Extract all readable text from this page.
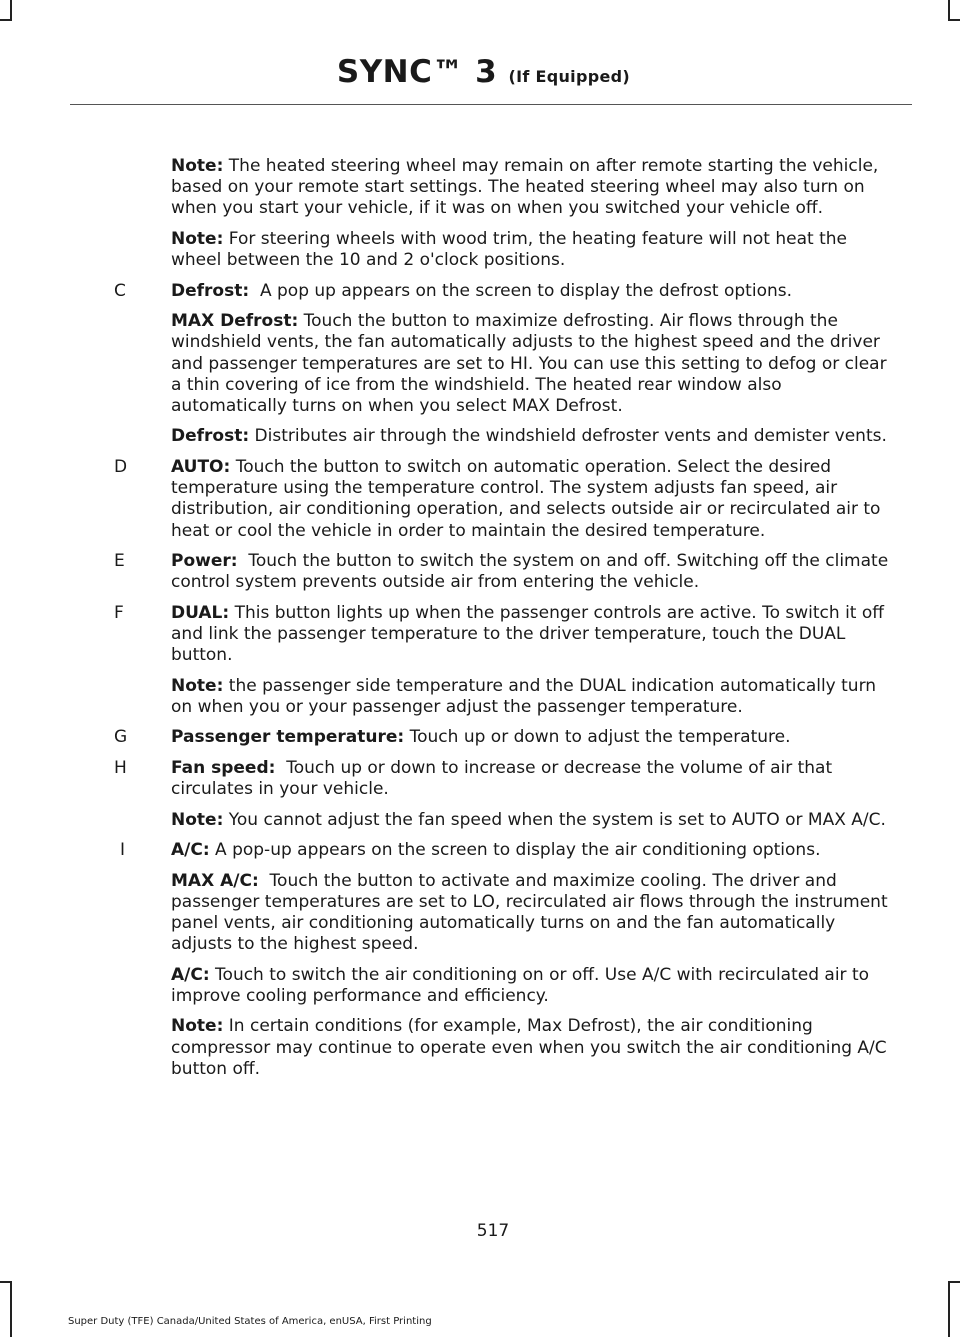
SYNC™ 3 (If Equipped)
Note: The heated steering wheel may remain on after remote starting the vehicle, based on your remote start settings. The heated steering wheel may also turn on when you start your vehicle, if it was on when you switched your vehicle off.
Note: For steering wheels with wood trim, the heating feature will not heat the wheel between the 10 and 2 o'clock positions.
C	Defrost:  A pop up appears on the screen to display the defrost options.
MAX Defrost: Touch the button to maximize defrosting. Air flows through the windshield vents, the fan automatically adjusts to the highest speed and the driver and passenger temperatures are set to HI. You can use this setting to defog or clear a thin covering of ice from the windshield. The heated rear window also automatically turns on when you select MAX Defrost.
Defrost: Distributes air through the windshield defroster vents and demister vents.
D	AUTO: Touch the button to switch on automatic operation. Select the desired temperature using the temperature control. The system adjusts fan speed, air distribution, air conditioning operation, and selects outside air or recirculated air to heat or cool the vehicle in order to maintain the desired temperature.
E	Power:  Touch the button to switch the system on and off. Switching off the climate control system prevents outside air from entering the vehicle.
F	DUAL: This button lights up when the passenger controls are active. To switch it off and link the passenger temperature to the driver temperature, touch the DUAL button.
Note: the passenger side temperature and the DUAL indication automatically turn on when you or your passenger adjust the passenger temperature.
G	Passenger temperature: Touch up or down to adjust the temperature.
H	Fan speed:  Touch up or down to increase or decrease the volume of air that circulates in your vehicle.
Note: You cannot adjust the fan speed when the system is set to AUTO or MAX A/C.
I	A/C: A pop-up appears on the screen to display the air conditioning options.
MAX A/C:  Touch the button to activate and maximize cooling. The driver and passenger temperatures are set to LO, recirculated air flows through the instrument panel vents, air conditioning automatically turns on and the fan automatically adjusts to the highest speed.
A/C: Touch to switch the air conditioning on or off. Use A/C with recirculated air to improve cooling performance and efficiency.
Note: In certain conditions (for example, Max Defrost), the air conditioning compressor may continue to operate even when you switch the air conditioning A/C button off.
517
Super Duty (TFE) Canada/United States of America, enUSA, First Printing
